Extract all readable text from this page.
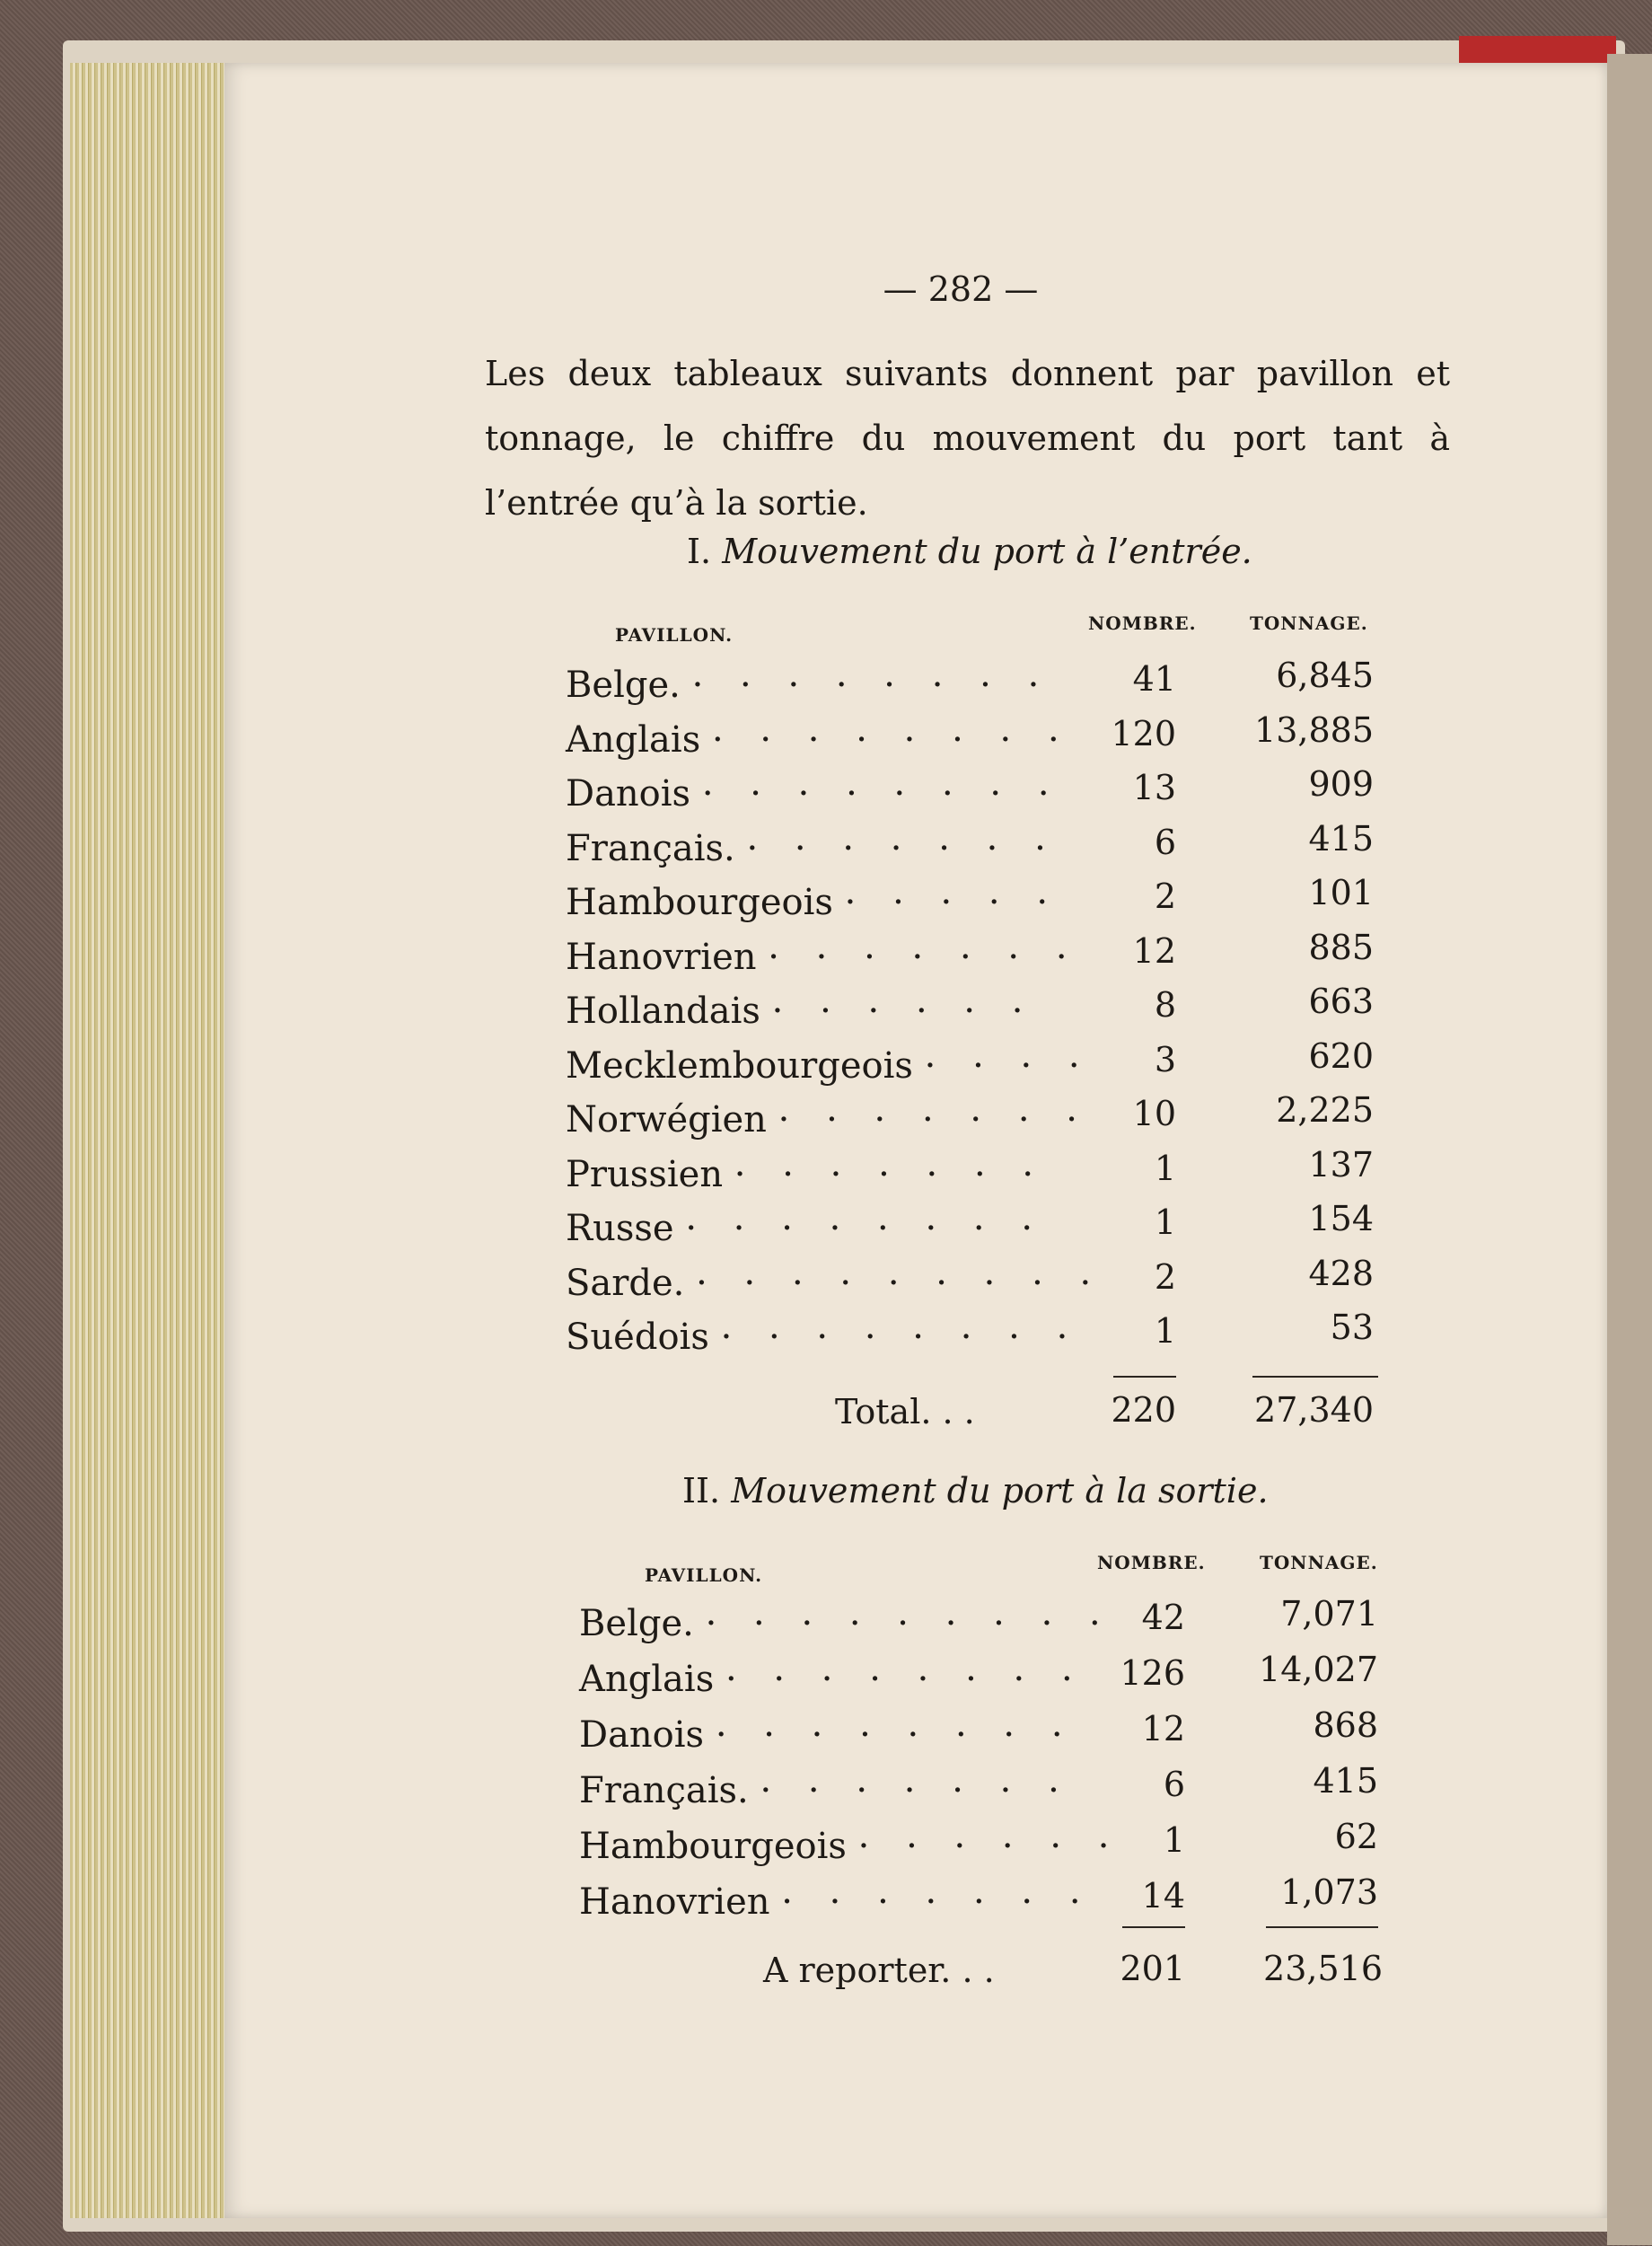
— 282 —
Les deux tableaux suivants donnent par pavillon et tonnage, le chiffre du mouvement du port tant à l’entrée qu’à la sortie.
I. Mouvement du port à l’entrée.
PAVILLON.
NOMBRE.	TONNAGE.
Belge. · · · · · · · ·	41	6,845
Anglais · · · · · · · ·	120	13,885
Danois · · · · · · · ·	13	909
Français. · · · · · · ·	6	415
Hambourgeois · · · · ·	2	101
Hanovrien · · · · · · ·	12	885
Hollandais · · · · · ·	8	663
Mecklembourgeois · · · ·	3	620
Norwégien · · · · · · ·	10	2,225
Prussien · · · · · · ·	1	137
Russe · · · · · · · ·	1	154
Sarde. · · · · · · · · ·	2	428
Suédois · · · · · · · ·	1	53
Total. . .	220	27,340
II. Mouvement du port à la sortie.
PAVILLON.
NOMBRE.	TONNAGE.
Belge. · · · · · · · · · 42	7,071
Anglais · · · · · · · ·	126	14,027
Danois · · · · · · · ·	12	868
Français. · · · · · · ·	6	415
Hambourgeois · · · · · ·	1	62
Hanovrien · · · · · · ·	14	1,073
A reporter. . .	201	23,516
